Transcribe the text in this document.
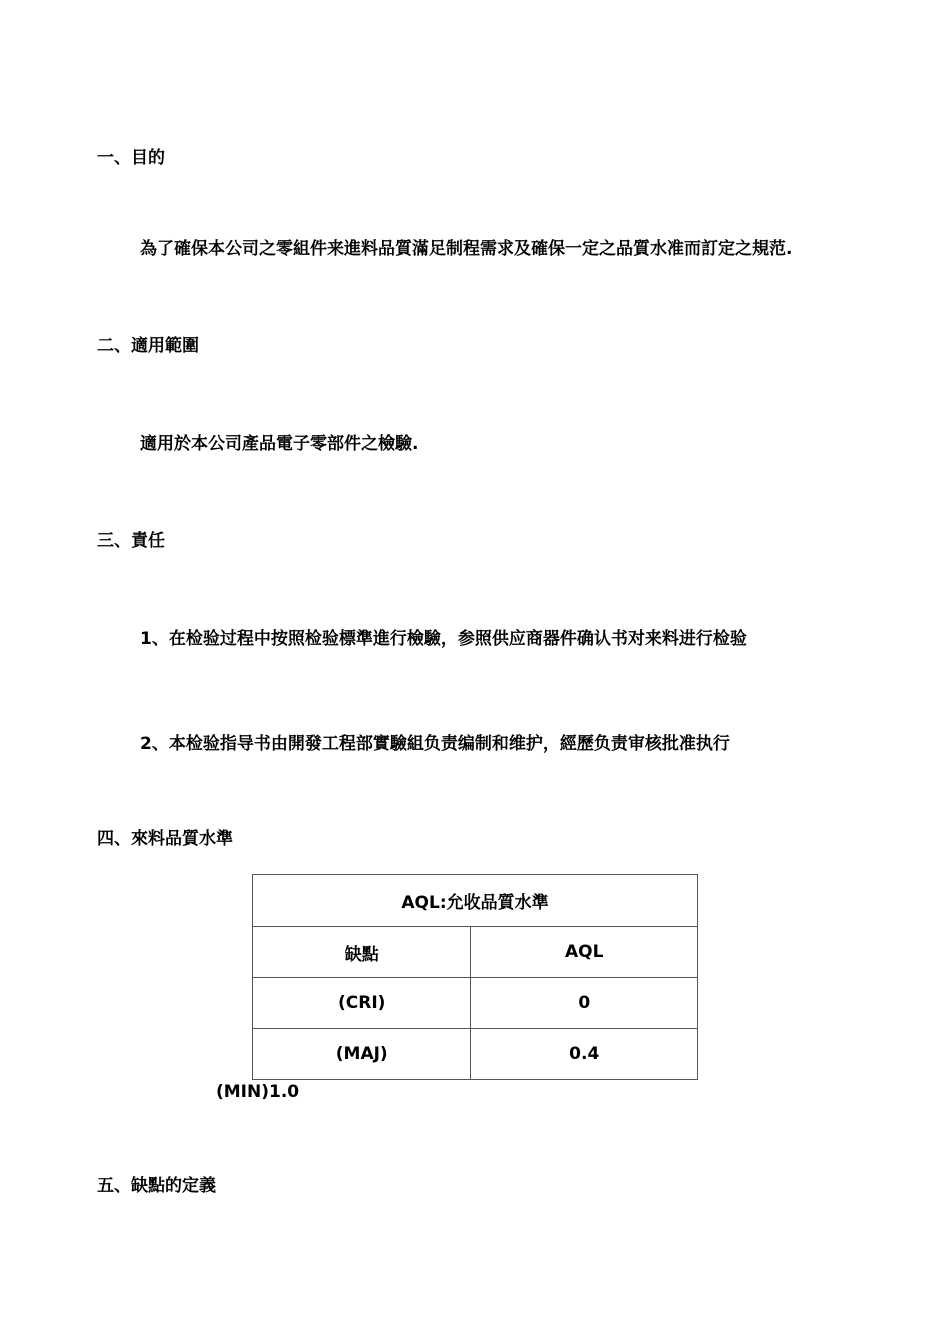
一、目的
為了確保本公司之零組件来進料品質滿足制程需求及確保一定之品質水准而訂定之規范.
二、適用範圍
適用於本公司產品電子零部件之檢驗.
三、責任
1、在检验过程中按照检验標準進行檢驗，参照供应商器件确认书对来料进行检验
2、本检验指导书由開發工程部實驗組负责编制和维护，經歷负责审核批准执行
四、來料品質水準
AQL:允收品質水準	
缺點	AQL
(CRI)	0
(MAJ)	0.4
(MIN)1.0
五、缺點的定義
